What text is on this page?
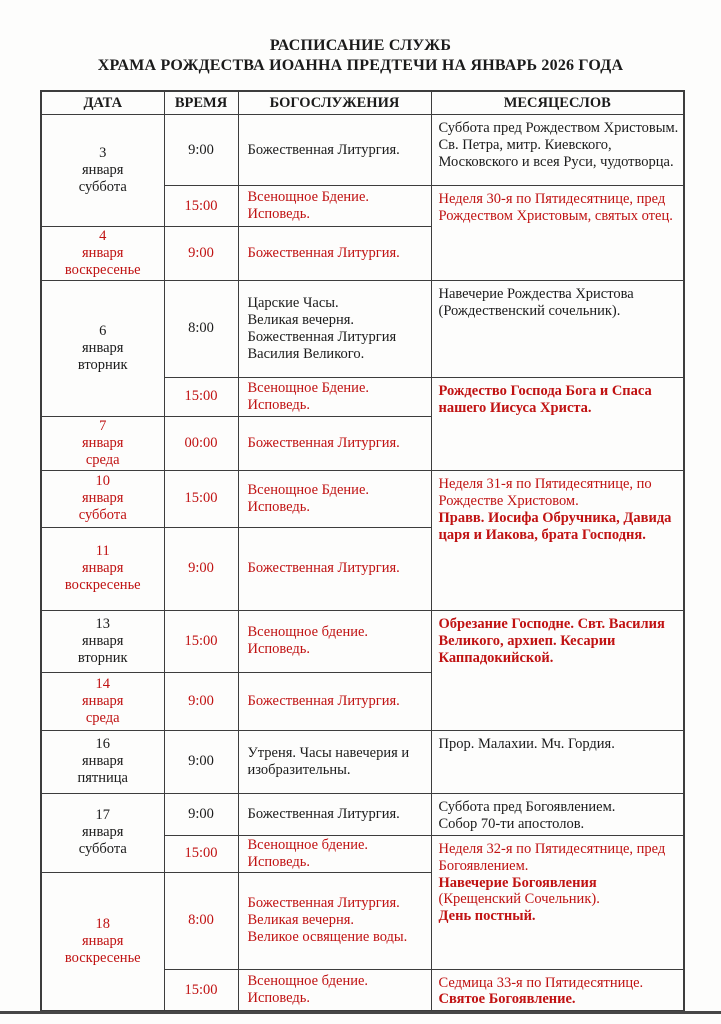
РАСПИСАНИЕ СЛУЖБ
ХРАМА РОЖДЕСТВА ИОАННА ПРЕДТЕЧИ НА ЯНВАРЬ 2026 ГОДА
ДАТА	ВРЕМЯ	БОГОСЛУЖЕНИЯ	МЕСЯЦЕСЛОВ

3
января
суббота	9:00	Божественная Литургия.	Суббота пред Рождеством Христовым. Св. Петра, митр. Киевского, Московского и всея Руси, чудотворца.
	15:00	Всенощное Бдение.
Исповедь.	Неделя 30-я по Пятидесятнице, пред Рождеством Христовым, святых отец.

4
января
воскресенье	9:00	Божественная Литургия.	

6
января
вторник	8:00	Царские Часы.
Великая вечерня.
Божественная Литургия
Василия Великого.	Навечерие Рождества Христова (Рождественский сочельник).
	15:00	Всенощное Бдение.
Исповедь.	Рождество Господа Бога и Спаса нашего Иисуса Христа.

7
января
среда	00:00	Божественная Литургия.	

10
января
суббота	15:00	Всенощное Бдение.
Исповедь.	Неделя 31-я по Пятидесятнице, по Рождестве Христовом.
Правв. Иосифа Обручника, Давида царя и Иакова, брата Господня.

11
января
воскресенье	9:00	Божественная Литургия.	

13
января
вторник	15:00	Всенощное бдение.
Исповедь.	Обрезание Господне. Свт. Василия Великого, архиеп. Кесарии Каппадокийской.

14
января
среда	9:00	Божественная Литургия.	

16
января
пятница	9:00	Утреня. Часы навечерия и
изобразительны.	Прор. Малахии. Мч. Гордия.

17
января
суббота	9:00	Божественная Литургия.	Суббота пред Богоявлением.
Собор 70-ти апостолов.
	15:00	Всенощное бдение.
Исповедь.	Неделя 32-я по Пятидесятнице, пред Богоявлением.
Навечерие Богоявления
(Крещенский Сочельник).
День постный.

18
января
воскресенье	8:00	Божественная Литургия.
Великая вечерня.
Великое освящение воды.	

	15:00	Всенощное бдение.
Исповедь.	Седмица 33-я по Пятидесятнице.
Святое Богоявление.
